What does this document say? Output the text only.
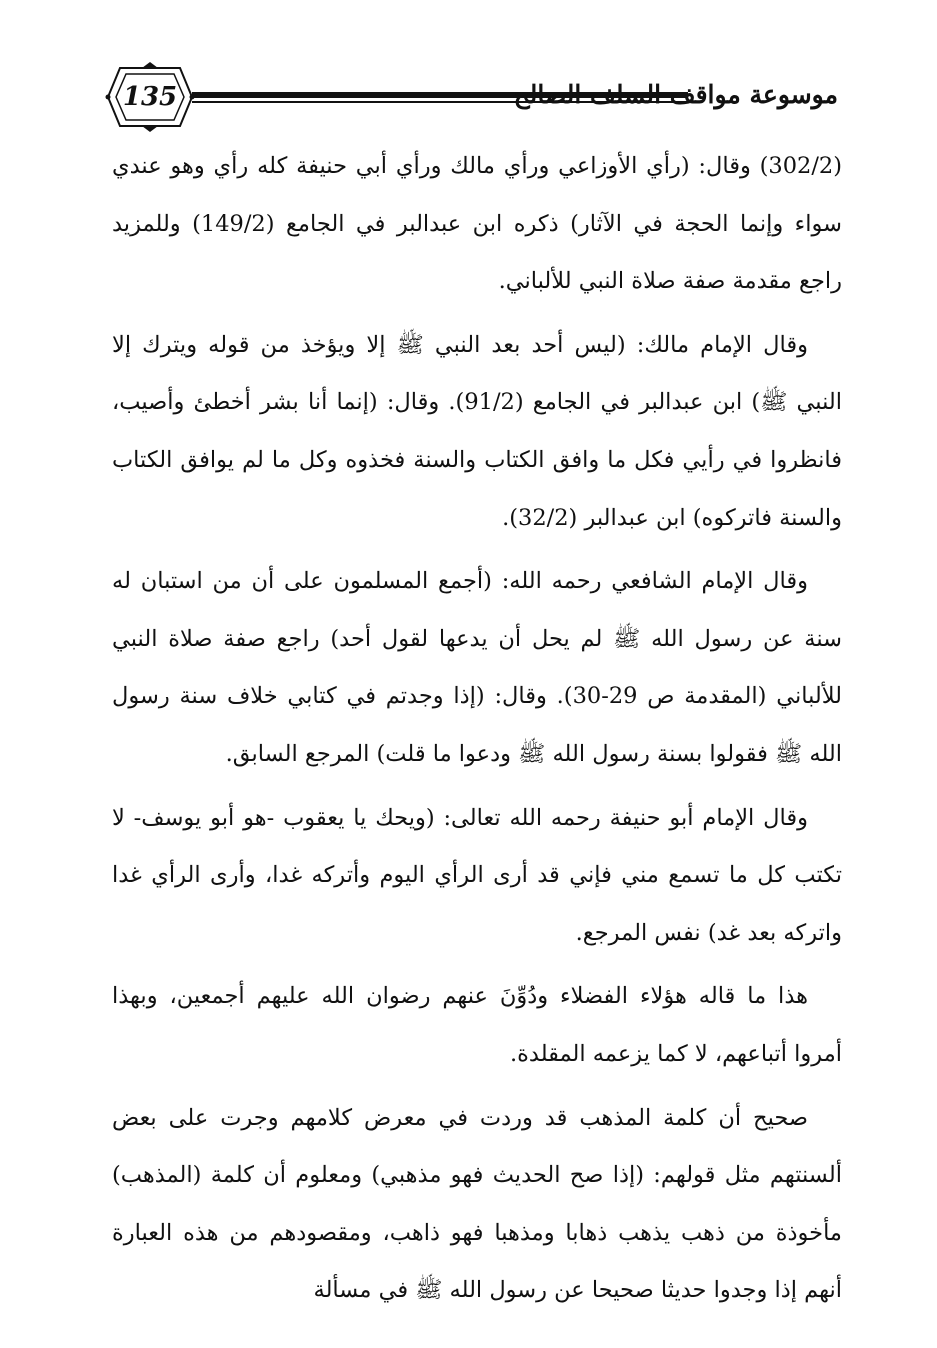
135	موسوعة مواقف السلف الصالح

(302/2) وقال: (رأي الأوزاعي ورأي مالك ورأي أبي حنيفة كله رأي وهو عندي سواء وإنما الحجة في الآثار) ذكره ابن عبدالبر في الجامع (149/2) وللمزيد راجع مقدمة صفة صلاة النبي للألباني.

وقال الإمام مالك: (ليس أحد بعد النبي ﷺ إلا ويؤخذ من قوله ويترك إلا النبي ﷺ) ابن عبدالبر في الجامع (91/2). وقال: (إنما أنا بشر أخطئ وأصيب، فانظروا في رأيي فكل ما وافق الكتاب والسنة فخذوه وكل ما لم يوافق الكتاب والسنة فاتركوه) ابن عبدالبر (32/2).

وقال الإمام الشافعي رحمه الله: (أجمع المسلمون على أن من استبان له سنة عن رسول الله ﷺ لم يحل أن يدعها لقول أحد) راجع صفة صلاة النبي للألباني (المقدمة ص 29-30). وقال: (إذا وجدتم في كتابي خلاف سنة رسول الله ﷺ فقولوا بسنة رسول الله ﷺ ودعوا ما قلت) المرجع السابق.

وقال الإمام أبو حنيفة رحمه الله تعالى: (ويحك يا يعقوب -هو أبو يوسف- لا تكتب كل ما تسمع مني فإني قد أرى الرأي اليوم وأتركه غدا، وأرى الرأي غدا واتركه بعد غد) نفس المرجع.

هذا ما قاله هؤلاء الفضلاء ودُوِّنَ عنهم رضوان الله عليهم أجمعين، وبهذا أمروا أتباعهم، لا كما يزعمه المقلدة.

صحيح أن كلمة المذهب قد وردت في معرض كلامهم وجرت على بعض ألسنتهم مثل قولهم: (إذا صح الحديث فهو مذهبي) ومعلوم أن كلمة (المذهب) مأخوذة من ذهب يذهب ذهابا ومذهبا فهو ذاهب، ومقصودهم من هذه العبارة أنهم إذا وجدوا حديثا صحيحا عن رسول الله ﷺ في مسألة
